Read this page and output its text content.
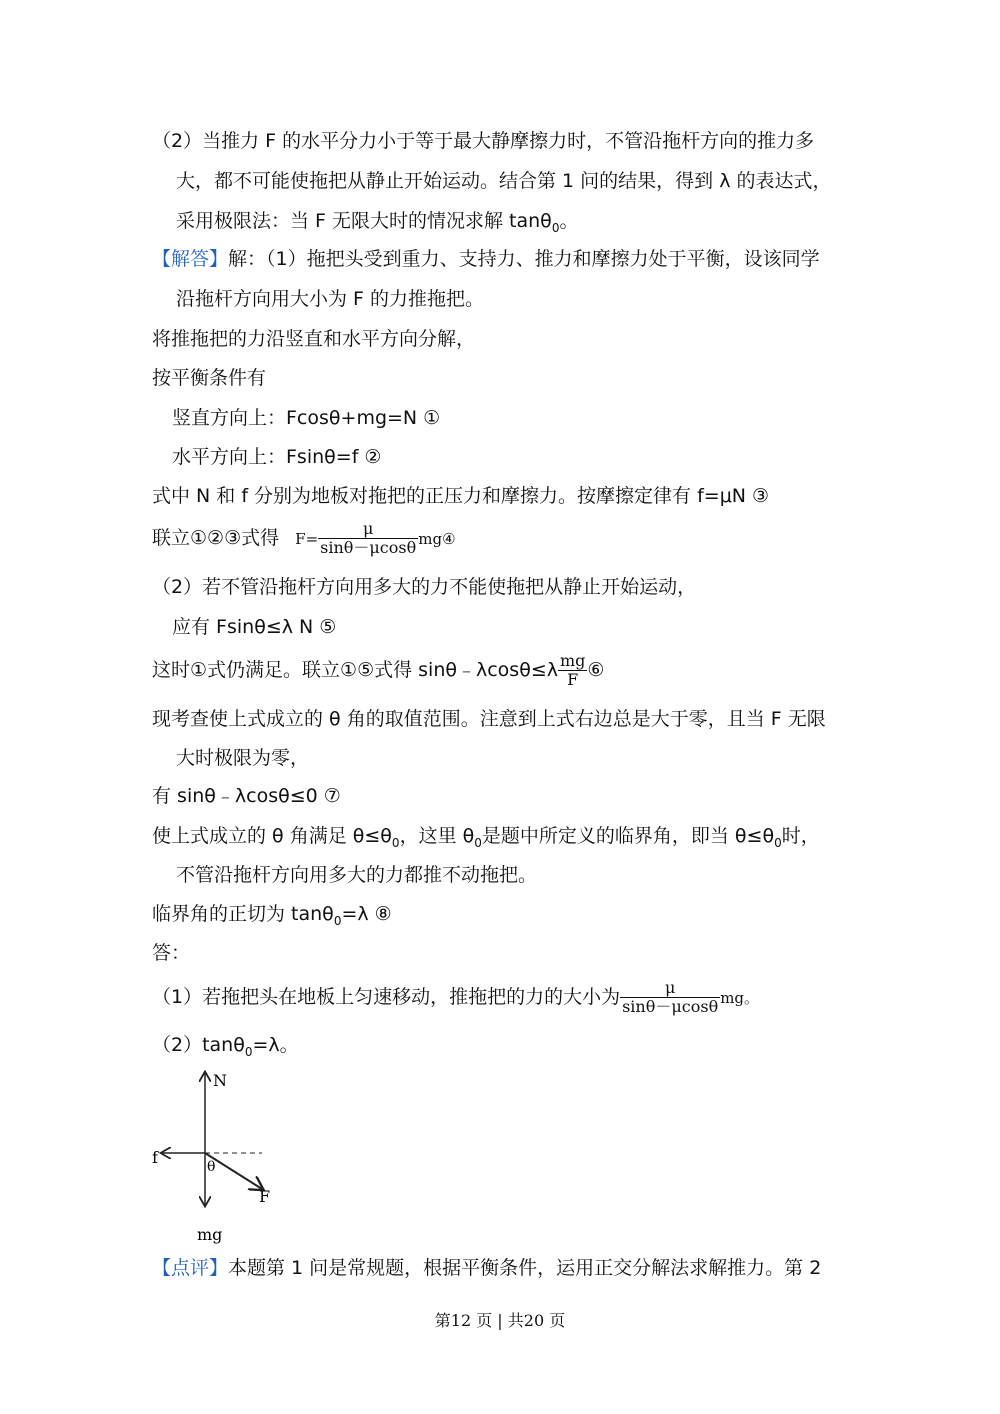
（2）当推力 F 的水平分力小于等于最大静摩擦力时，不管沿拖杆方向的推力多
大，都不可能使拖把从静止开始运动。结合第 1 问的结果，得到 λ 的表达式，
采用极限法：当 F 无限大时的情况求解 tanθ$_0$。
【解答】解：（1）拖把头受到重力、支持力、推力和摩擦力处于平衡，设该同学
沿拖杆方向用大小为 F 的力推拖把。
将推拖把的力沿竖直和水平方向分解，
按平衡条件有
竖直方向上：Fcosθ+mg=N ①
水平方向上：Fsinθ=f ②
式中 N 和 f 分别为地板对拖把的正压力和摩擦力。按摩擦定律有 f=μN ③
联立①②③式得 $F= \frac{\mu}{\sin\theta-\mu\cos\theta}$ mg④
（2）若不管沿拖杆方向用多大的力不能使拖把从静止开始运动，
应有 Fsinθ≤λ N ⑤
这时①式仍满足。联立①⑤式得 sinθ﹣λcosθ≤λ $\frac{mg}{F}$ ⑥
现考查使上式成立的 θ 角的取值范围。注意到上式右边总是大于零，且当 F 无限
大时极限为零，
有 sinθ﹣λcosθ≤0 ⑦
使上式成立的 θ 角满足 $\theta\le\theta_0$，这里 $\theta_0$是题中所定义的临界角，即当 $\theta\le\theta_0$时，
不管沿拖杆方向用多大的力都推不动拖把。
临界角的正切为 tanθ$_0$=λ ⑧
答：
（1）若拖把头在地板上匀速移动，推拖把的力的大小为 $\frac{\mu}{\sin\theta-\mu\cos\theta}$ mg。
（2）tanθ$_0$=λ。
N
f	θ
F
mg
【点评】本题第 1 问是常规题，根据平衡条件，运用正交分解法求解推力。第 2
第12 页 | 共20 页
